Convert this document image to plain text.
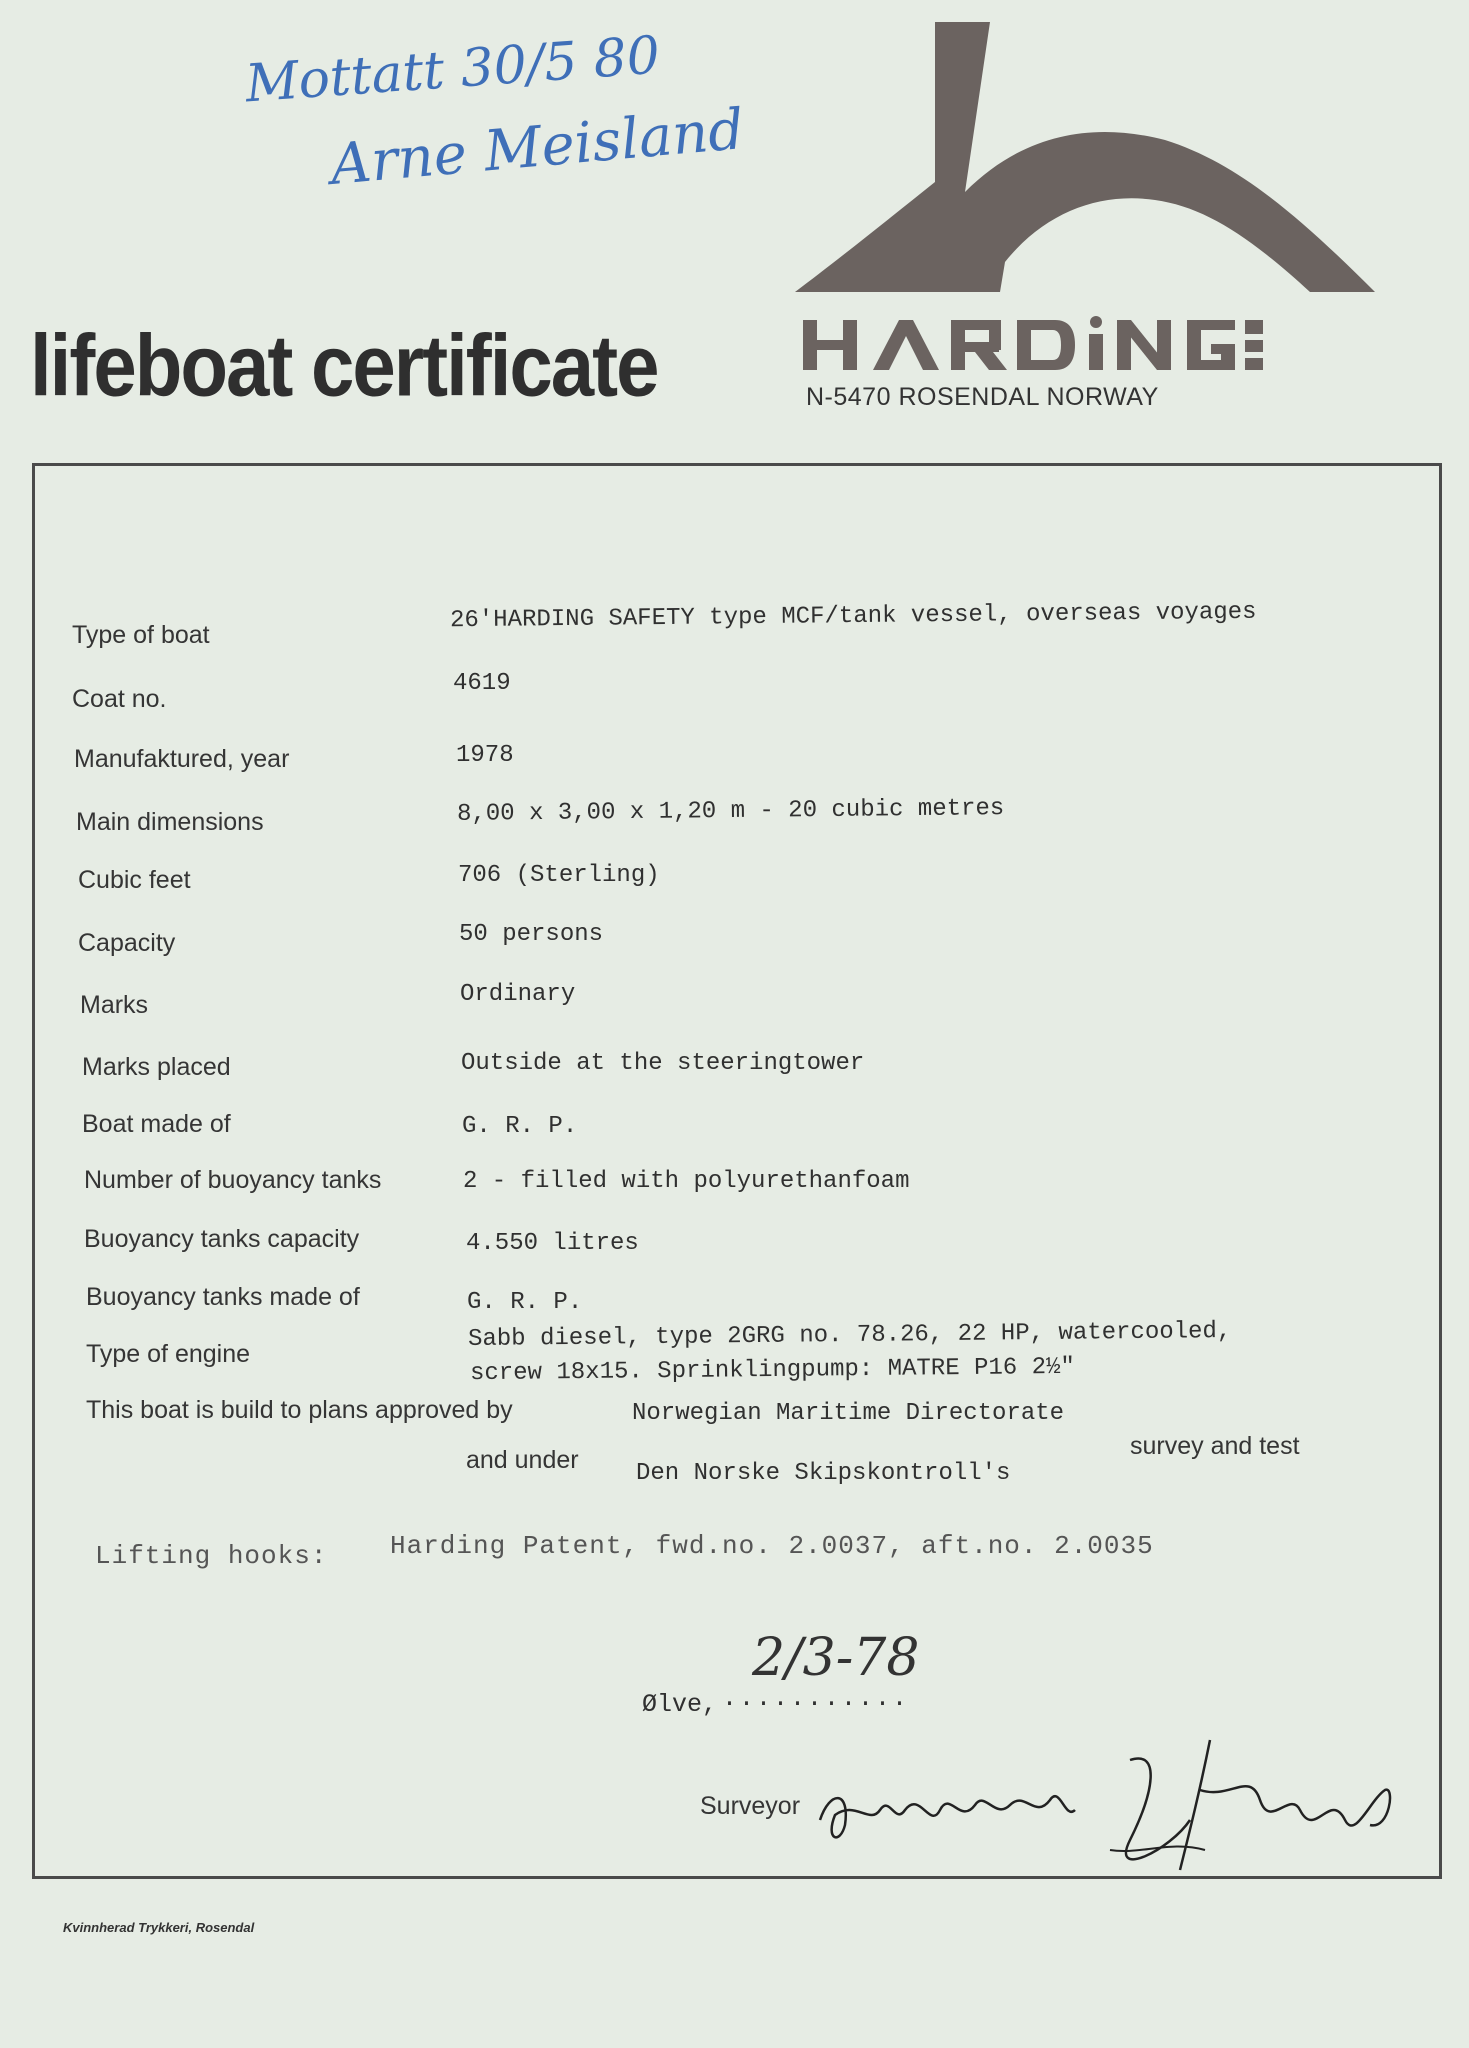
Mottatt 30/5 80
Arne Meisland
lifeboat certificate	N-5470 ROSENDAL NORWAY
Type of boat
Coat no.
Manufaktured, year
Main dimensions
Cubic feet
Capacity
Marks
Marks placed
Boat made of
Number of buoyancy tanks
Buoyancy tanks capacity
Buoyancy tanks made of
Type of engine
26'HARDING SAFETY type MCF/tank vessel, overseas voyages
4619
1978
8,00 x 3,00 x 1,20 m - 20 cubic metres
706 (Sterling)
50 persons
Ordinary
Outside at the steeringtower
G. R. P.
2 - filled with polyurethanfoam
4.550 litres
G. R. P.
Sabb diesel, type 2GRG no. 78.26, 22 HP, watercooled,
screw 18x15. Sprinklingpump: MATRE P16 2½"
This boat is build to plans approved by	Norwegian Maritime Directorate
and under Den Norske Skipskontroll's
survey and test
Lifting hooks: Harding Patent, fwd.no. 2.0037, aft.no. 2.0035
Ølve, ...........
2/3-78
Surveyor
Kvinnherad Trykkeri, Rosendal
